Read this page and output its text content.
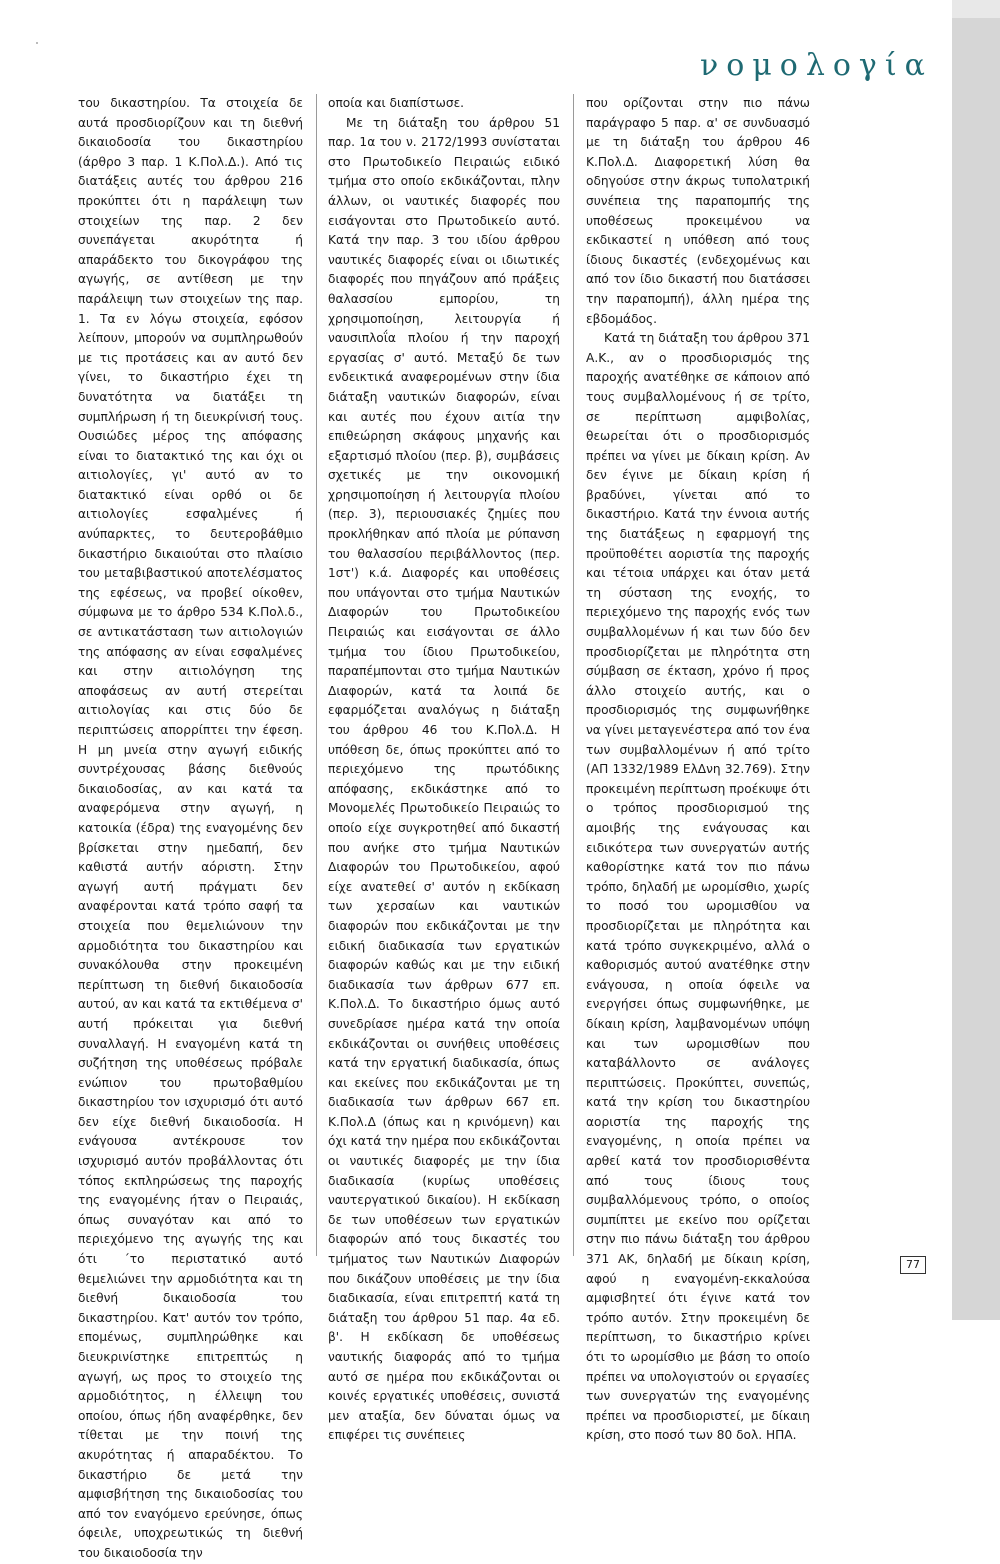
νομολογία

του δικαστηρίου. Τα στοιχεία δε αυτά προσδιορίζουν και τη διεθνή δικαιοδοσία του δικαστηρίου (άρθρο 3 παρ. 1 Κ.Πολ.Δ.). Από τις διατάξεις αυτές του άρθρου 216 προκύπτει ότι η παράλειψη των στοιχείων της παρ. 2 δεν συνεπάγεται ακυρότητα ή απαράδεκτο του δικογράφου της αγωγής, σε αντίθεση με την παράλειψη των στοιχείων της παρ. 1. Τα εν λόγω στοιχεία, εφόσον λείπουν, μπορούν να συμπληρωθούν με τις προτάσεις και αν αυτό δεν γίνει, το δικαστήριο έχει τη δυνατότητα να διατάξει τη συμπλήρωση ή τη διευκρίνισή τους. Ουσιώδες μέρος της απόφασης είναι το διατακτικό της και όχι οι αιτιολογίες, γι' αυτό αν το διατακτικό είναι ορθό οι δε αιτιολογίες εσφαλμένες ή ανύπαρκτες, το δευτεροβάθμιο δικαστήριο δικαιούται στο πλαίσιο του μεταβιβαστικού αποτελέσματος της εφέσεως, να προβεί οίκοθεν, σύμφωνα με το άρθρο 534 Κ.Πολ.δ., σε αντικατάσταση των αιτιολογιών της απόφασης αν είναι εσφαλμένες και στην αιτιολόγηση της αποφάσεως αν αυτή στερείται αιτιολογίας και στις δύο δε περιπτώσεις απορρίπτει την έφεση. Η μη μνεία στην αγωγή ειδικής συντρέχουσας βάσης διεθνούς δικαιοδοσίας, αν και κατά τα αναφερόμενα στην αγωγή, η κατοικία (έδρα) της εναγομένης δεν βρίσκεται στην ημεδαπή, δεν καθιστά αυτήν αόριστη. Στην αγωγή αυτή πράγματι δεν αναφέρονται κατά τρόπο σαφή τα στοιχεία που θεμελιώνουν την αρμοδιότητα του δικαστηρίου και συνακόλουθα στην προκειμένη περίπτωση τη διεθνή δικαιοδοσία αυτού, αν και κατά τα εκτιθέμενα σ' αυτή πρόκειται για διεθνή συναλλαγή. Η εναγομένη κατά τη συζήτηση της υποθέσεως πρόβαλε ενώπιον του πρωτοβαθμίου δικαστηρίου τον ισχυρισμό ότι αυτό δεν είχε διεθνή δικαιοδοσία. Η ενάγουσα αντέκρουσε τον ισχυρισμό αυτόν προβάλλοντας ότι τόπος εκπληρώσεως της παροχής της εναγομένης ήταν ο Πειραιάς, όπως συναγόταν και από το περιεχόμενο της αγωγής της και ότι ΄το περιστατικό αυτό θεμελιώνει την αρμοδιότητα και τη διεθνή δικαιοδοσία του δικαστηρίου. Κατ' αυτόν τον τρόπο, επομένως, συμπληρώθηκε και διευκρινίστηκε επιτρεπτώς η αγωγή, ως προς το στοιχείο της αρμοδιότητος, η έλλειψη του οποίου, όπως ήδη αναφέρθηκε, δεν τίθεται με την ποινή της ακυρότητας ή απαραδέκτου. Το δικαστήριο δε μετά την αμφισβήτηση της δικαιοδοσίας του από τον εναγόμενο ερεύνησε, όπως όφειλε, υποχρεωτικώς τη διεθνή του δικαιοδοσία την

οποία και διαπίστωσε.

Με τη διάταξη του άρθρου 51 παρ. 1α του ν. 2172/1993 συνίσταται στο Πρωτοδικείο Πειραιώς ειδικό τμήμα στο οποίο εκδικάζονται, πλην άλλων, οι ναυτικές διαφορές που εισάγονται στο Πρωτοδικείο αυτό. Κατά την παρ. 3 του ιδίου άρθρου ναυτικές διαφορές είναι οι ιδιωτικές διαφορές που πηγάζουν από πράξεις θαλασσίου εμπορίου, τη χρησιμοποίηση, λειτουργία ή ναυσιπλοΐα πλοίου ή την παροχή εργασίας σ' αυτό. Μεταξύ δε των ενδεικτικά αναφερομένων στην ίδια διάταξη ναυτικών διαφορών, είναι και αυτές που έχουν αιτία την επιθεώρηση σκάφους μηχανής και εξαρτισμό πλοίου (περ. β), συμβάσεις σχετικές με την οικονομική χρησιμοποίηση ή λειτουργία πλοίου (περ. 3), περιουσιακές ζημίες που προκλήθηκαν από πλοία με ρύπανση του θαλασσίου περιβάλλοντος (περ. 1στ') κ.ά. Διαφορές και υποθέσεις που υπάγονται στο τμήμα Ναυτικών Διαφορών του Πρωτοδικείου Πειραιώς και εισάγονται σε άλλο τμήμα του ίδιου Πρωτοδικείου, παραπέμπονται στο τμήμα Ναυτικών Διαφορών, κατά τα λοιπά δε εφαρμόζεται αναλόγως η διάταξη του άρθρου 46 του Κ.Πολ.Δ. Η υπόθεση δε, όπως προκύπτει από το περιεχόμενο της πρωτόδικης απόφασης, εκδικάστηκε από το Μονομελές Πρωτοδικείο Πειραιώς το οποίο είχε συγκροτηθεί από δικαστή που ανήκε στο τμήμα Ναυτικών Διαφορών του Πρωτοδικείου, αφού είχε ανατεθεί σ' αυτόν η εκδίκαση των χερσαίων και ναυτικών διαφορών που εκδικάζονται με την ειδική διαδικασία των εργατικών διαφορών καθώς και με την ειδική διαδικασία των άρθρων 677 επ. Κ.Πολ.Δ. Το δικαστήριο όμως αυτό συνεδρίασε ημέρα κατά την οποία εκδικάζονται οι συνήθεις υποθέσεις κατά την εργατική διαδικασία, όπως και εκείνες που εκδικάζονται με τη διαδικασία των άρθρων 667 επ. Κ.Πολ.Δ (όπως και η κρινόμενη) και όχι κατά την ημέρα που εκδικάζονται οι ναυτικές διαφορές με την ίδια διαδικασία (κυρίως υποθέσεις ναυτεργατικού δικαίου). Η εκδίκαση δε των υποθέσεων των εργατικών διαφορών από τους δικαστές του τμήματος των Ναυτικών Διαφορών που δικάζουν υποθέσεις με την ίδια διαδικασία, είναι επιτρεπτή κατά τη διάταξη του άρθρου 51 παρ. 4α εδ. β'. Η εκδίκαση δε υποθέσεως ναυτικής διαφοράς από το τμήμα αυτό σε ημέρα που εκδικάζονται οι κοινές εργατικές υποθέσεις, συνιστά μεν αταξία, δεν δύναται όμως να επιφέρει τις συνέπειες

που ορίζονται στην πιο πάνω παράγραφο 5 παρ. α' σε συνδυασμό με τη διάταξη του άρθρου 46 Κ.Πολ.Δ. Διαφορετική λύση θα οδηγούσε στην άκρως τυπολατρική συνέπεια της παραπομπής της υποθέσεως προκειμένου να εκδικαστεί η υπόθεση από τους ίδιους δικαστές (ενδεχομένως και από τον ίδιο δικαστή που διατάσσει την παραπομπή), άλλη ημέρα της εβδομάδος.

Κατά τη διάταξη του άρθρου 371 Α.Κ., αν ο προσδιορισμός της παροχής ανατέθηκε σε κάποιον από τους συμβαλλομένους ή σε τρίτο, σε περίπτωση αμφιβολίας, θεωρείται ότι ο προσδιορισμός πρέπει να γίνει με δίκαιη κρίση. Αν δεν έγινε με δίκαιη κρίση ή βραδύνει, γίνεται από το δικαστήριο. Κατά την έννοια αυτής της διατάξεως η εφαρμογή της προϋποθέτει αοριστία της παροχής και τέτοια υπάρχει και όταν μετά τη σύσταση της ενοχής, το περιεχόμενο της παροχής ενός των συμβαλλομένων ή και των δύο δεν προσδιορίζεται με πληρότητα στη σύμβαση σε έκταση, χρόνο ή προς άλλο στοιχείο αυτής, και ο προσδιορισμός της συμφωνήθηκε να γίνει μεταγενέστερα από τον ένα των συμβαλλομένων ή από τρίτο (ΑΠ 1332/1989 ΕλΔνη 32.769). Στην προκειμένη περίπτωση προέκυψε ότι ο τρόπος προσδιορισμού της αμοιβής της ενάγουσας και ειδικότερα των συνεργατών αυτής καθορίστηκε κατά τον πιο πάνω τρόπο, δηλαδή με ωρομίσθιο, χωρίς το ποσό του ωρομισθίου να προσδιορίζεται με πληρότητα και κατά τρόπο συγκεκριμένο, αλλά ο καθορισμός αυτού ανατέθηκε στην ενάγουσα, η οποία όφειλε να ενεργήσει όπως συμφωνήθηκε, με δίκαιη κρίση, λαμβανομένων υπόψη και των ωρομισθίων που καταβάλλοντο σε ανάλογες περιπτώσεις. Προκύπτει, συνεπώς, κατά την κρίση του δικαστηρίου αοριστία της παροχής της εναγομένης, η οποία πρέπει να αρθεί κατά τον προσδιορισθέντα από τους ίδιους τους συμβαλλόμενους τρόπο, ο οποίος συμπίπτει με εκείνο που ορίζεται στην πιο πάνω διάταξη του άρθρου 371 ΑΚ, δηλαδή με δίκαιη κρίση, αφού η εναγομένη-εκκαλούσα αμφισβητεί ότι έγινε κατά τον τρόπο αυτόν. Στην προκειμένη δε περίπτωση, το δικαστήριο κρίνει ότι το ωρομίσθιο με βάση το οποίο πρέπει να υπολογιστούν οι εργασίες των συνεργατών της εναγομένης πρέπει να προσδιοριστεί, με δίκαιη κρίση, στο ποσό των 80 δολ. ΗΠΑ.

77
